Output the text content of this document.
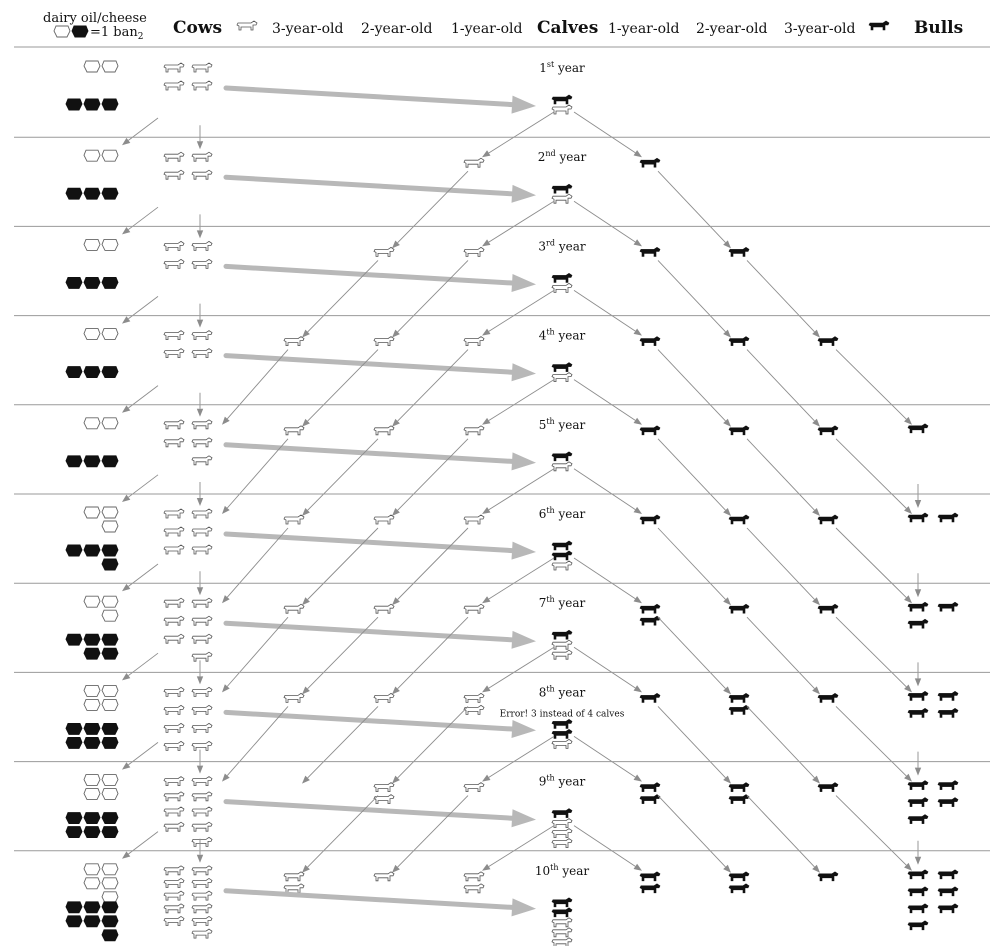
dairy oil/cheese
=1 ban$_2$ Cows	3-year-old 2-year-old 1-year-old Calves 1-year-old 2-year-old 3-year-old	Bulls
1st year
2nd year
3rd year
4th year
5th year
6th year
7th year
8th year
Error! 3 instead of 4 calves
9th year
10th year
